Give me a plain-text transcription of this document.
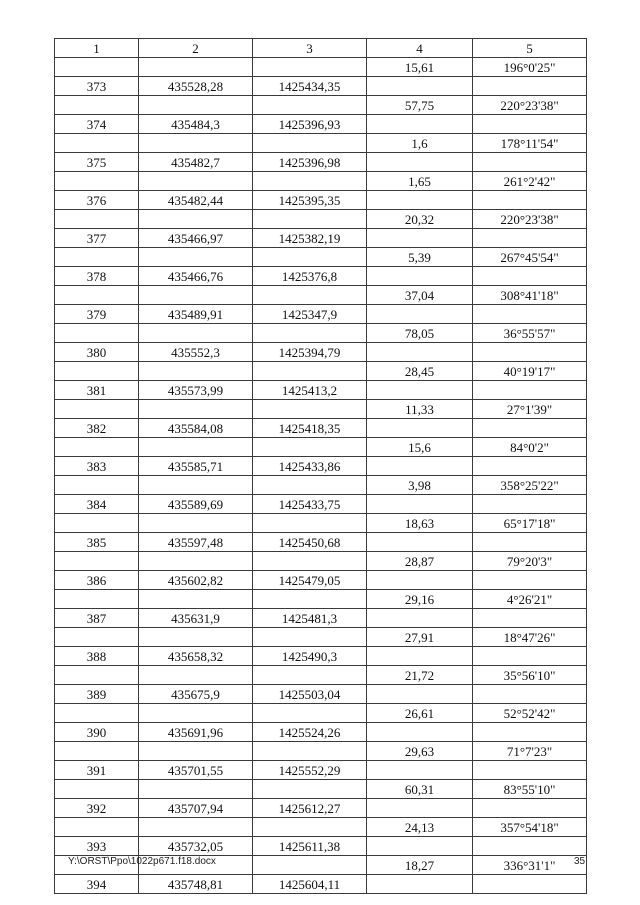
1	2	3	4	5
			15,61	196°0'25"
373	435528,28	1425434,35		
			57,75	220°23'38"
374	435484,3	1425396,93		
			1,6	178°11'54"
375	435482,7	1425396,98		
			1,65	261°2'42"
376	435482,44	1425395,35		
			20,32	220°23'38"
377	435466,97	1425382,19		
			5,39	267°45'54"
378	435466,76	1425376,8		
			37,04	308°41'18"
379	435489,91	1425347,9		
			78,05	36°55'57"
380	435552,3	1425394,79		
			28,45	40°19'17"
381	435573,99	1425413,2		
			11,33	27°1'39"
382	435584,08	1425418,35		
			15,6	84°0'2"
383	435585,71	1425433,86		
			3,98	358°25'22"
384	435589,69	1425433,75		
			18,63	65°17'18"
385	435597,48	1425450,68		
			28,87	79°20'3"
386	435602,82	1425479,05		
			29,16	4°26'21"
387	435631,9	1425481,3		
			27,91	18°47'26"
388	435658,32	1425490,3		
			21,72	35°56'10"
389	435675,9	1425503,04		
			26,61	52°52'42"
390	435691,96	1425524,26		
			29,63	71°7'23"
391	435701,55	1425552,29		
			60,31	83°55'10"
392	435707,94	1425612,27		
			24,13	357°54'18"
393	435732,05	1425611,38		
			18,27	336°31'1"
394	435748,81	1425604,11		
Y:\ORST\Ppo\1022p671.f18.docx	35
